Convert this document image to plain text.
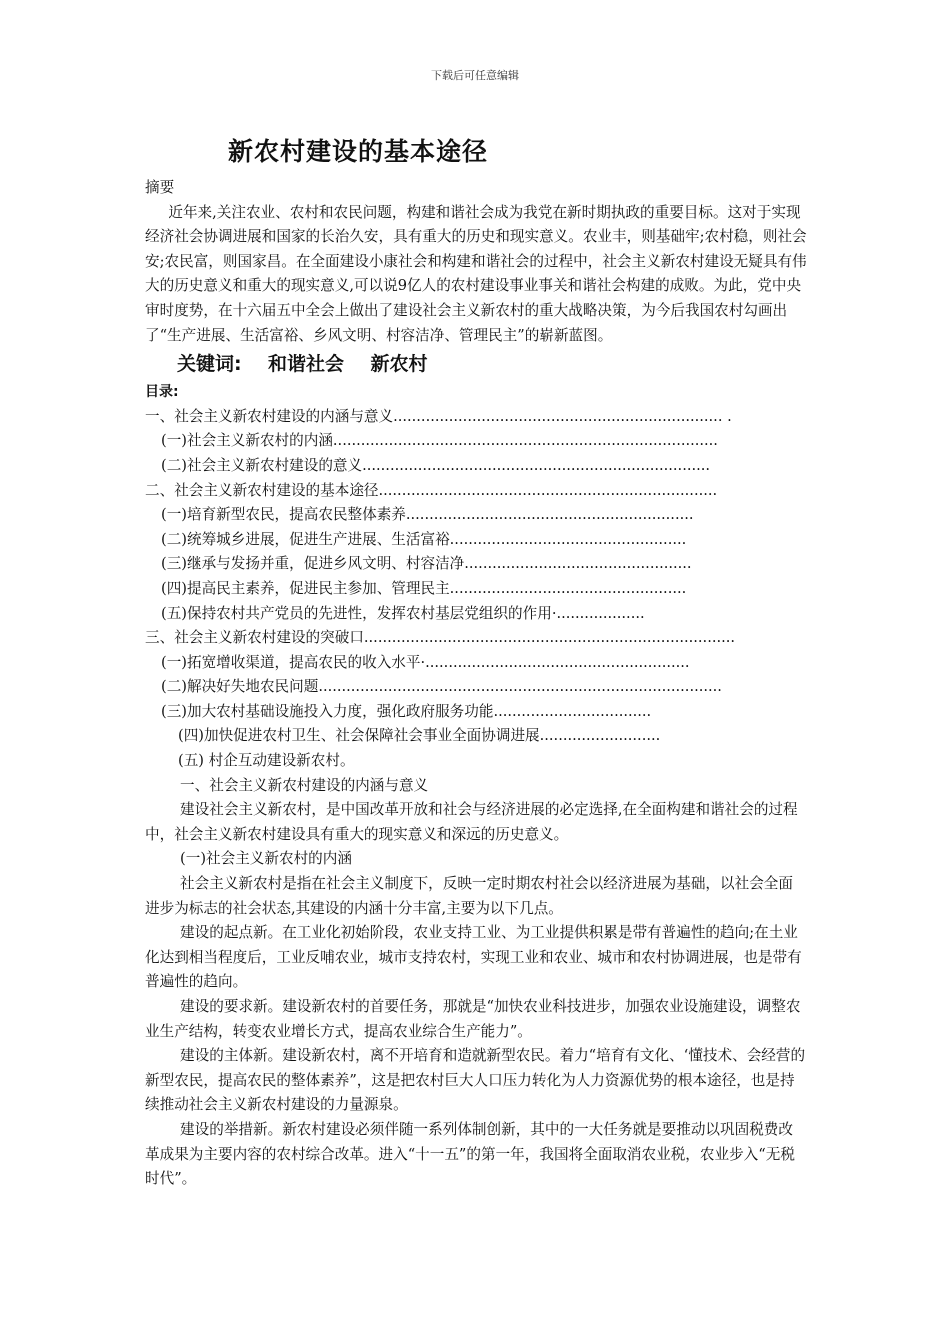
下载后可任意编辑
新农村建设的基本途径

摘要

近年来,关注农业、农村和农民问题，构建和谐社会成为我党在新时期执政的重要目标。这对于实现经济社会协调进展和国家的长治久安，具有重大的历史和现实意义。农业丰，则基础牢;农村稳，则社会安;农民富，则国家昌。在全面建设小康社会和构建和谐社会的过程中，社会主义新农村建设无疑具有伟大的历史意义和重大的现实意义,可以说9亿人的农村建设事业事关和谐社会构建的成败。为此，党中央审时度势，在十六届五中全会上做出了建设社会主义新农村的重大战略决策，为今后我国农村勾画出了“生产进展、生活富裕、乡风文明、村容洁净、管理民主”的崭新蓝图。

关键词:    和谐社会    新农村

目录:

一、社会主义新农村建设的内涵与意义....................................................................... .

(一)社会主义新农村的内涵...................................................................................

(二)社会主义新农村建设的意义...........................................................................

二、社会主义新农村建设的基本途径.........................................................................

(一)培育新型农民，提高农民整体素养..............................................................

(二)统筹城乡进展，促进生产进展、生活富裕...................................................

(三)继承与发扬并重，促进乡风文明、村容洁净.................................................

(四)提高民主素养，促进民主参加、管理民主...................................................

(五)保持农村共产党员的先进性，发挥农村基层党组织的作用·...................

三、社会主义新农村建设的突破口................................................................................

(一)拓宽增收渠道，提高农民的收入水平·.........................................................

(二)解决好失地农民问题.......................................................................................

(三)加大农村基础设施投入力度，强化政府服务功能..................................

(四)加快促进农村卫生、社会保障社会事业全面协调进展..........................

(五) 村企互动建设新农村。

一、社会主义新农村建设的内涵与意义

建设社会主义新农村，是中国改革开放和社会与经济进展的必定选择,在全面构建和谐社会的过程中，社会主义新农村建设具有重大的现实意义和深远的历史意义。

(一)社会主义新农村的内涵

社会主义新农村是指在社会主义制度下，反映一定时期农村社会以经济进展为基础，以社会全面进步为标志的社会状态,其建设的内涵十分丰富,主要为以下几点。

建设的起点新。在工业化初始阶段，农业支持工业、为工业提供积累是带有普遍性的趋向;在土业化达到相当程度后，工业反哺农业，城市支持农村，实现工业和农业、城市和农村协调进展，也是带有普遍性的趋向。

建设的要求新。建设新农村的首要任务，那就是“加快农业科技进步，加强农业设施建设，调整农业生产结构，转变农业增长方式，提高农业综合生产能力”。

建设的主体新。建设新农村，离不开培育和造就新型农民。着力“培育有文化、‘懂技术、会经营的新型农民，提高农民的整体素养”，这是把农村巨大人口压力转化为人力资源优势的根本途径，也是持续推动社会主义新农村建设的力量源泉。

建设的举措新。新农村建设必须伴随一系列体制创新，其中的一大任务就是要推动以巩固税费改革成果为主要内容的农村综合改革。进入“十一五”的第一年，我国将全面取消农业税，农业步入“无税时代”。
